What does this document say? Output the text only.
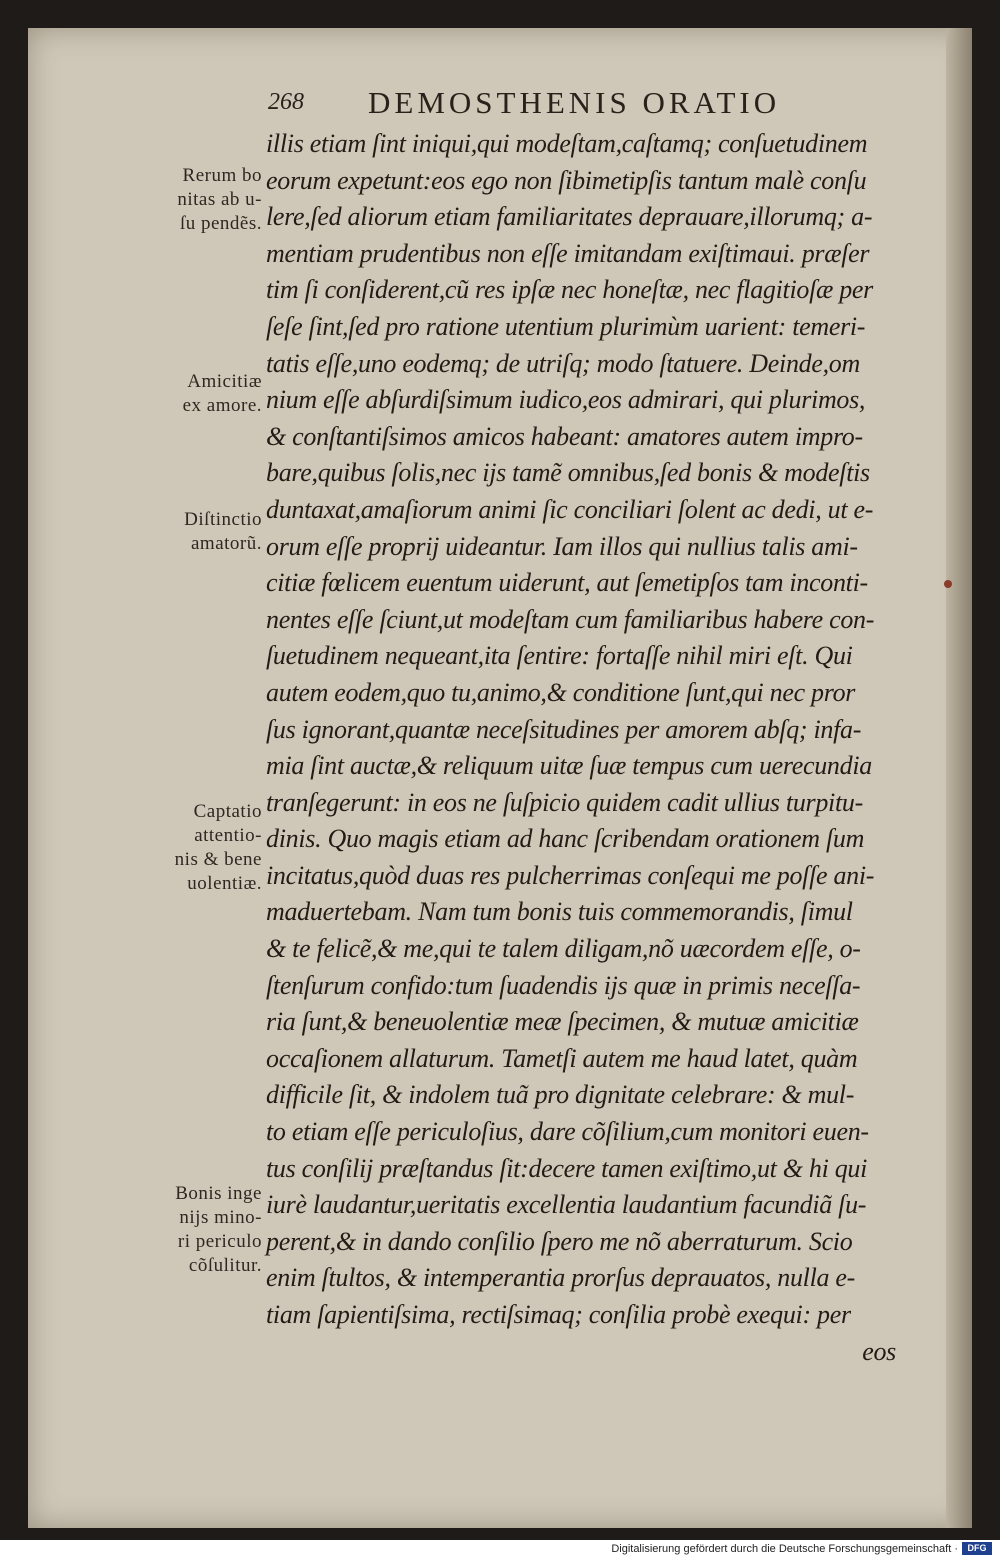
268 DEMOSTHENIS ORATIO
illis etiam ſint iniqui,qui modeſtam,caſtamq; conſuetudinem
eorum expetunt:eos ego non ſibimetipſis tantum malè conſu
lere,ſed aliorum etiam familiaritates deprauare,illorumq; a-
mentiam prudentibus non eſſe imitandam exiſtimaui. præſer
tim ſi conſiderent,cũ res ipſæ nec honeſtæ, nec flagitioſæ per
ſeſe ſint,ſed pro ratione utentium plurimùm uarient: temeri-
tatis eſſe,uno eodemq; de utriſq; modo ſtatuere. Deinde,om
nium eſſe abſurdiſsimum iudico,eos admirari, qui plurimos,
& conſtantiſsimos amicos habeant: amatores autem impro-
bare,quibus ſolis,nec ijs tamẽ omnibus,ſed bonis & modeſtis
duntaxat,amaſiorum animi ſic conciliari ſolent ac dedi, ut e-
orum eſſe proprij uideantur. Iam illos qui nullius talis ami-
citiæ fœlicem euentum uiderunt, aut ſemetipſos tam inconti-
nentes eſſe ſciunt,ut modeſtam cum familiaribus habere con-
ſuetudinem nequeant,ita ſentire: fortaſſe nihil miri eſt. Qui
autem eodem,quo tu,animo,& conditione ſunt,qui nec pror
ſus ignorant,quantæ neceſsitudines per amorem abſq; infa-
mia ſint auctæ,& reliquum uitæ ſuæ tempus cum uerecundia
tranſegerunt: in eos ne ſuſpicio quidem cadit ullius turpitu-
dinis. Quo magis etiam ad hanc ſcribendam orationem ſum
incitatus,quòd duas res pulcherrimas conſequi me poſſe ani-
maduertebam. Nam tum bonis tuis commemorandis, ſimul
& te felicẽ,& me,qui te talem diligam,nõ uæcordem eſſe, o-
ſtenſurum confido:tum ſuadendis ijs quæ in primis neceſſa-
ria ſunt,& beneuolentiæ meæ ſpecimen, & mutuæ amicitiæ
occaſionem allaturum. Tametſi autem me haud latet, quàm
difficile ſit, & indolem tuã pro dignitate celebrare: & mul-
to etiam eſſe periculoſius, dare cõſilium,cum monitori euen-
tus conſilij præſtandus ſit:decere tamen exiſtimo,ut & hi qui
iurè laudantur,ueritatis excellentia laudantium facundiã ſu-
perent,& in dando conſilio ſpero me nõ aberraturum. Scio
enim ſtultos, & intemperantia prorſus deprauatos, nulla e-
tiam ſapientiſsima, rectiſsimaq; conſilia probè exequi: per
eos
Rerum bo
nitas ab u-
ſu pendẽs.
Amicitiæ
ex amore.
Diſtinctio
amatorũ.
Captatio
attentio-
nis & bene
uolentiæ.
Bonis inge
nijs mino-
ri periculo
cõſulitur.
Digitalisierung gefördert durch die Deutsche Forschungsgemeinschaft ·	DFG
